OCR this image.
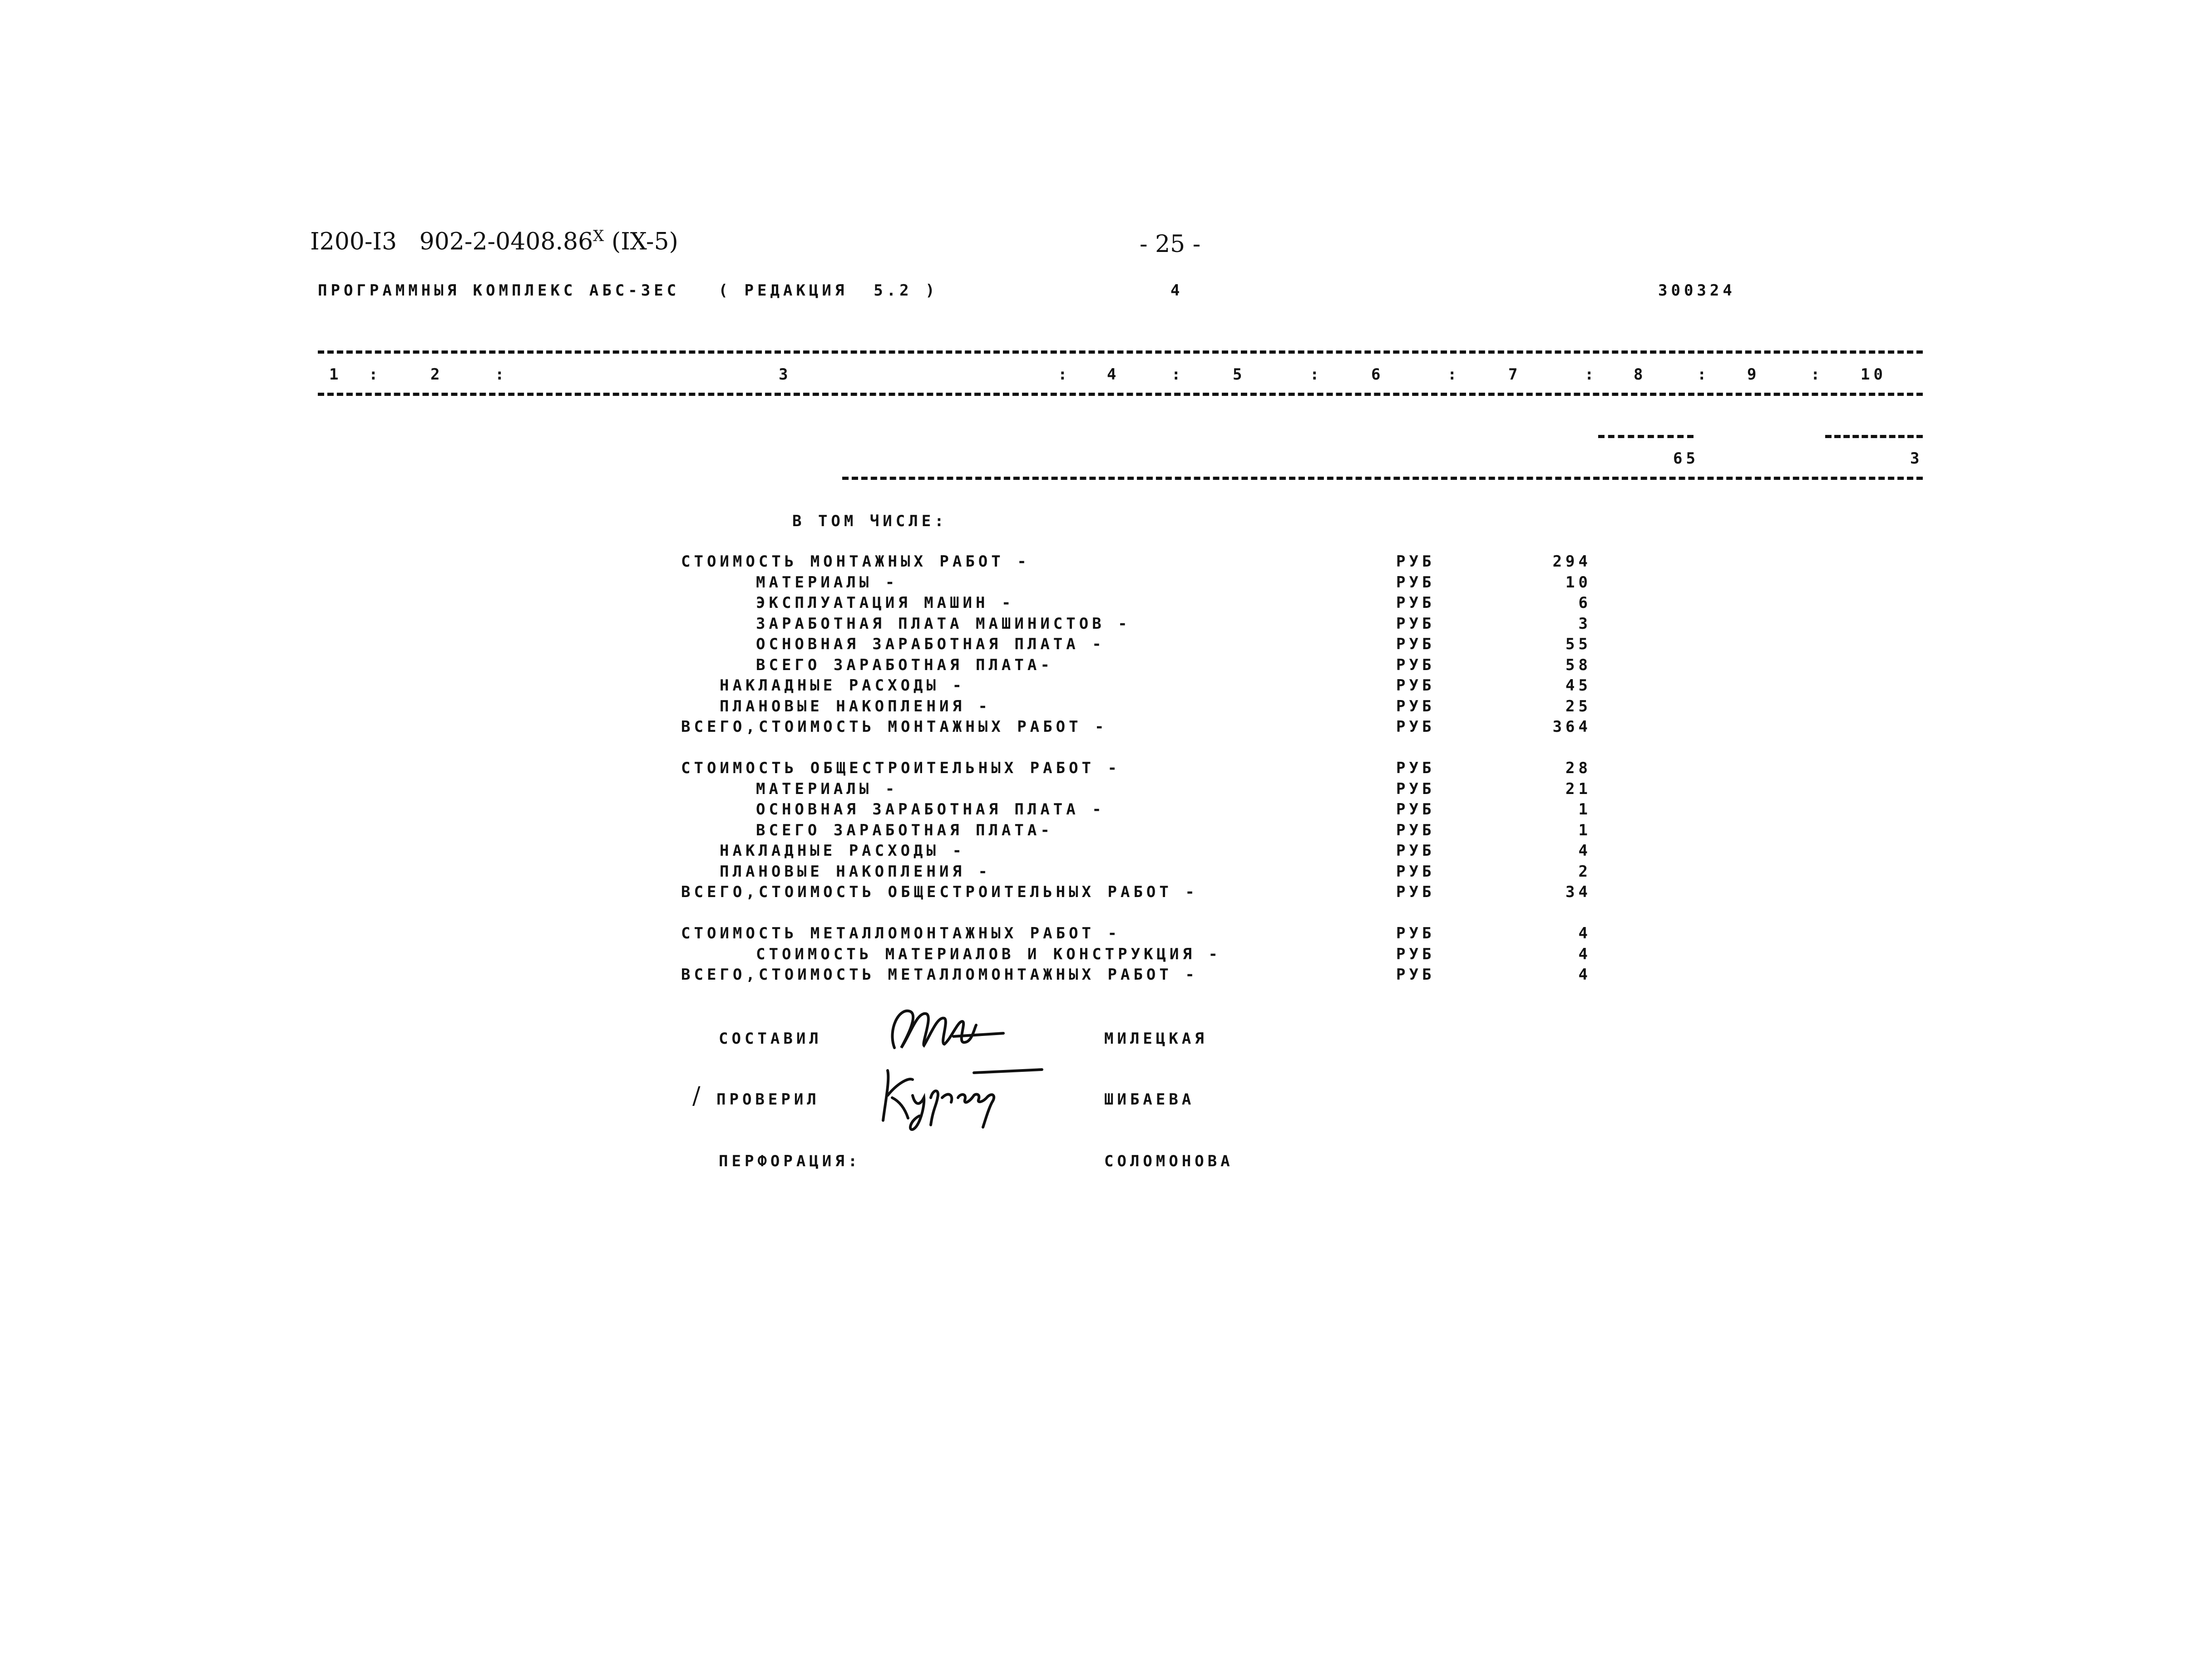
I200-I3   $902-2-0408.86^X$ (IX-5)	- 25 -
ПРОГРАММНЫЯ КОМПЛЕКС АБС-3ЕС   ( РЕДАКЦИЯ  5.2 )	4	300324
1 :	2	:	3	: 4	:	5	:	6	:	7	: 8	: 9	: 10
65	3
В ТОМ ЧИСЛЕ:
СТОИМОСТЬ МОНТАЖНЫХ РАБОТ -	РУБ	294
МАТЕРИАЛЫ -	РУБ	10
ЭКСПЛУАТАЦИЯ МАШИН -	РУБ	6
ЗАРАБОТНАЯ ПЛАТА МАШИНИСТОВ -	РУБ	3
ОСНОВНАЯ ЗАРАБОТНАЯ ПЛАТА -	РУБ	55
ВСЕГО ЗАРАБОТНАЯ ПЛАТА-	РУБ	58
НАКЛАДНЫЕ РАСХОДЫ -	РУБ	45
ПЛАНОВЫЕ НАКОПЛЕНИЯ -	РУБ	25
ВСЕГО,СТОИМОСТЬ МОНТАЖНЫХ РАБОТ -	РУБ	364
СТОИМОСТЬ ОБЩЕСТРОИТЕЛЬНЫХ РАБОТ -	РУБ	28
МАТЕРИАЛЫ -	РУБ	21
ОСНОВНАЯ ЗАРАБОТНАЯ ПЛАТА -	РУБ	1
ВСЕГО ЗАРАБОТНАЯ ПЛАТА-	РУБ	1
НАКЛАДНЫЕ РАСХОДЫ -	РУБ	4
ПЛАНОВЫЕ НАКОПЛЕНИЯ -	РУБ	2
ВСЕГО,СТОИМОСТЬ ОБЩЕСТРОИТЕЛЬНЫХ РАБОТ -	РУБ	34
СТОИМОСТЬ МЕТАЛЛОМОНТАЖНЫХ РАБОТ -	РУБ	4
СТОИМОСТЬ МАТЕРИАЛОВ И КОНСТРУКЦИЯ -	РУБ	4
ВСЕГО,СТОИМОСТЬ МЕТАЛЛОМОНТАЖНЫХ РАБОТ -	РУБ	4
СОСТАВИЛ	МИЛЕЦКАЯ
/ ПРОВЕРИЛ	ШИБАЕВА
ПЕРФОРАЦИЯ:	СОЛОМОНОВА
